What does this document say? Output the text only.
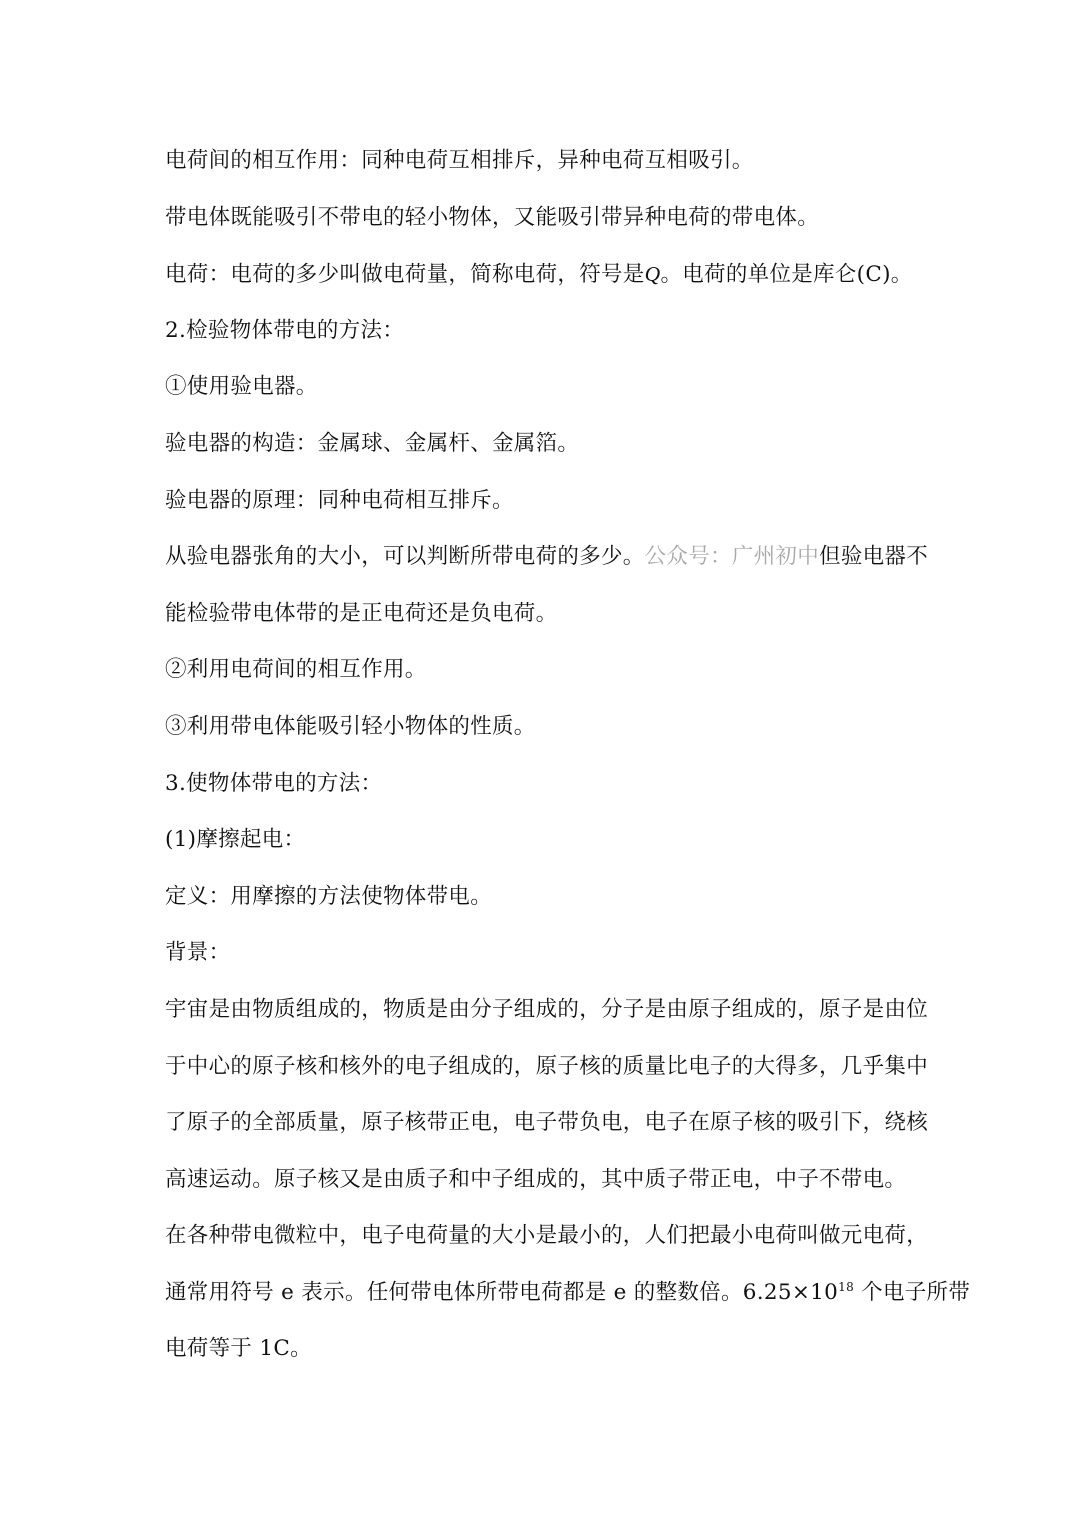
电荷间的相互作用：同种电荷互相排斥，异种电荷互相吸引。
带电体既能吸引不带电的轻小物体，又能吸引带异种电荷的带电体。
电荷：电荷的多少叫做电荷量，简称电荷，符号是Q。电荷的单位是库仑(C)。
2.检验物体带电的方法：
①使用验电器。
验电器的构造：金属球、金属杆、金属箔。
验电器的原理：同种电荷相互排斥。
从验电器张角的大小，可以判断所带电荷的多少。公众号：广州初中但验电器不
能检验带电体带的是正电荷还是负电荷。
②利用电荷间的相互作用。
③利用带电体能吸引轻小物体的性质。
3.使物体带电的方法：
(1)摩擦起电：
定义：用摩擦的方法使物体带电。
背景：
宇宙是由物质组成的，物质是由分子组成的，分子是由原子组成的，原子是由位
于中心的原子核和核外的电子组成的，原子核的质量比电子的大得多，几乎集中
了原子的全部质量，原子核带正电，电子带负电，电子在原子核的吸引下，绕核
高速运动。原子核又是由质子和中子组成的，其中质子带正电，中子不带电。
在各种带电微粒中，电子电荷量的大小是最小的，人们把最小电荷叫做元电荷，
通常用符号 e 表示。任何带电体所带电荷都是 e 的整数倍。$6.25\times 10^{18}$ 个电子所带
电荷等于 1C。
